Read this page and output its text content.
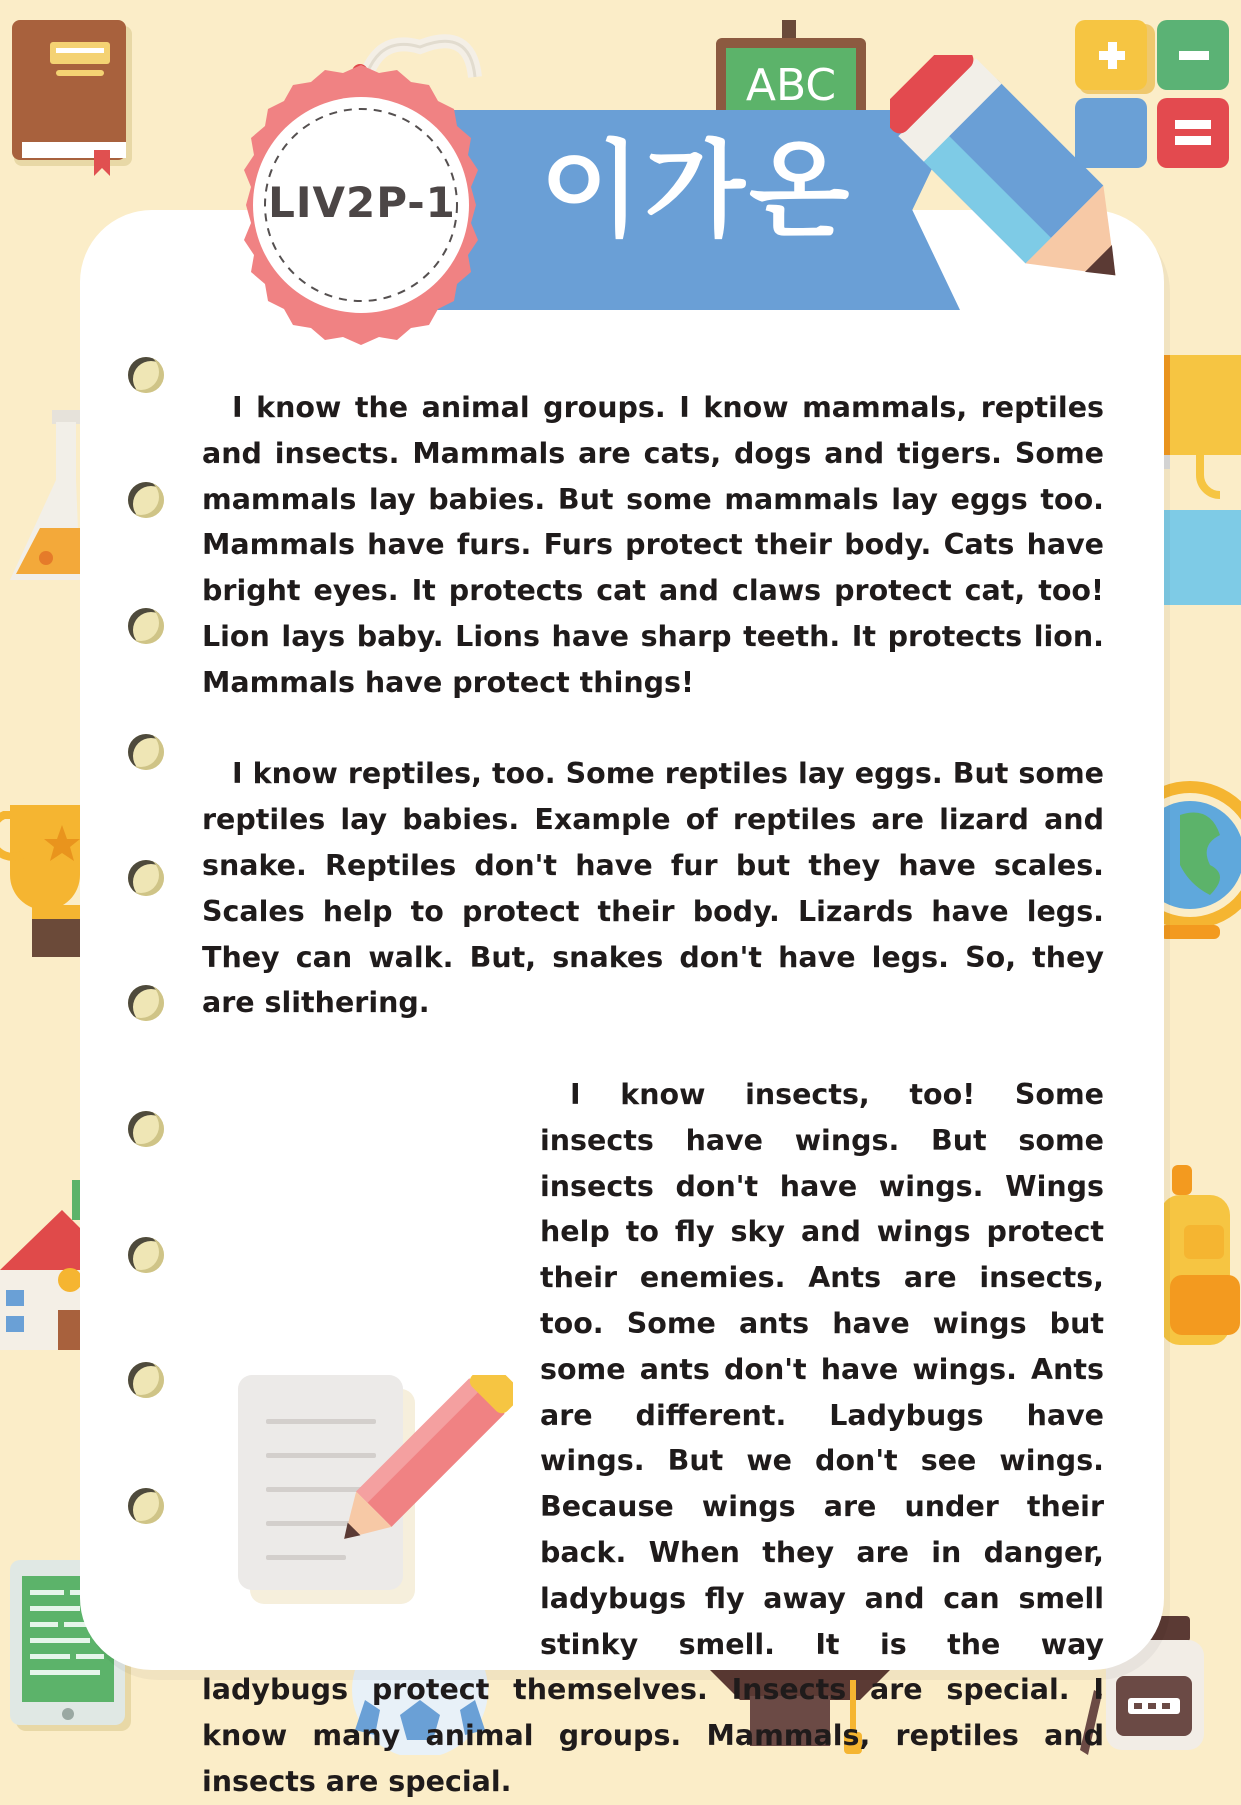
ABC
이가온
LIV2P-1

I know the animal groups. I know mammals, reptiles and insects. Mammals are cats, dogs and tigers. Some mammals lay babies. But some mammals lay eggs too. Mammals have furs. Furs protect their body. Cats have bright eyes. It protects cat and claws protect cat, too! Lion lays baby. Lions have sharp teeth. It protects lion. Mammals have protect things!

I know reptiles, too. Some reptiles lay eggs. But some reptiles lay babies. Example of reptiles are lizard and snake. Reptiles don't have fur but they have scales. Scales help to protect their body. Lizards have legs. They can walk. But, snakes don't have legs. So, they are slithering.

I know insects, too! Some insects have wings. But some insects don't have wings. Wings help to fly sky and wings protect their enemies. Ants are insects, too. Some ants have wings but some ants don't have wings. Ants are different. Ladybugs have wings. But we don't see wings. Because wings are under their back. When they are in danger, ladybugs fly away and can smell stinky smell. It is the way ladybugs protect themselves. Insects are special. I know many animal groups. Mammals, reptiles and insects are special.
